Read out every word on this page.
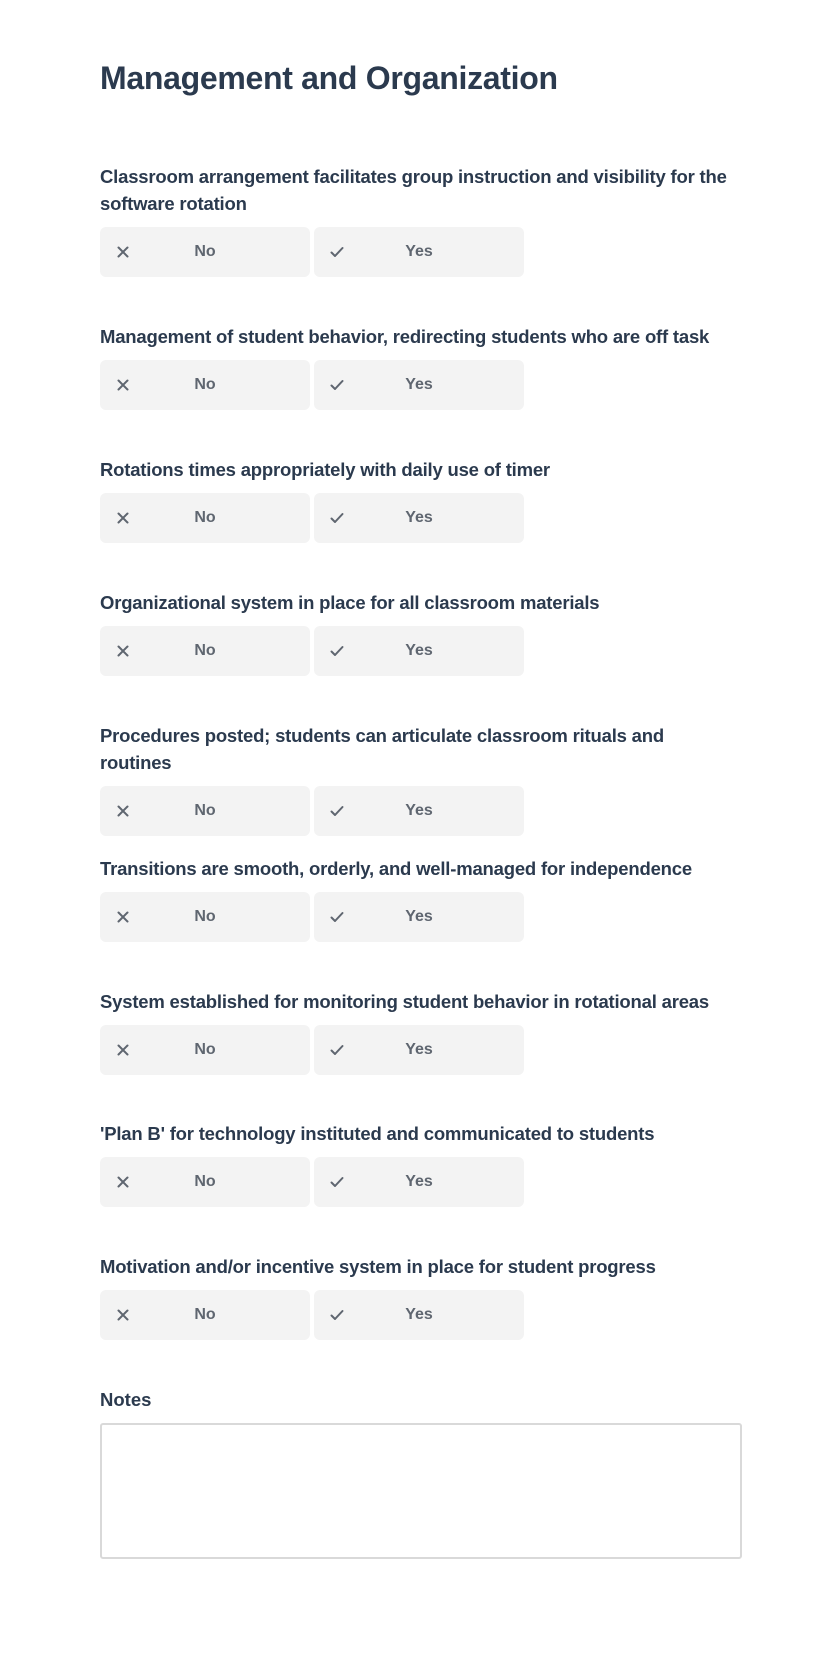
Management and Organization
Classroom arrangement facilitates group instruction and visibility for the software rotation
No	Yes
Management of student behavior, redirecting students who are off task
No	Yes
Rotations times appropriately with daily use of timer
No	Yes
Organizational system in place for all classroom materials
No	Yes
Procedures posted; students can articulate classroom rituals and routines
No	Yes
Transitions are smooth, orderly, and well-managed for independence
No	Yes
System established for monitoring student behavior in rotational areas
No	Yes
'Plan B' for technology instituted and communicated to students
No	Yes
Motivation and/or incentive system in place for student progress
No	Yes
Notes
